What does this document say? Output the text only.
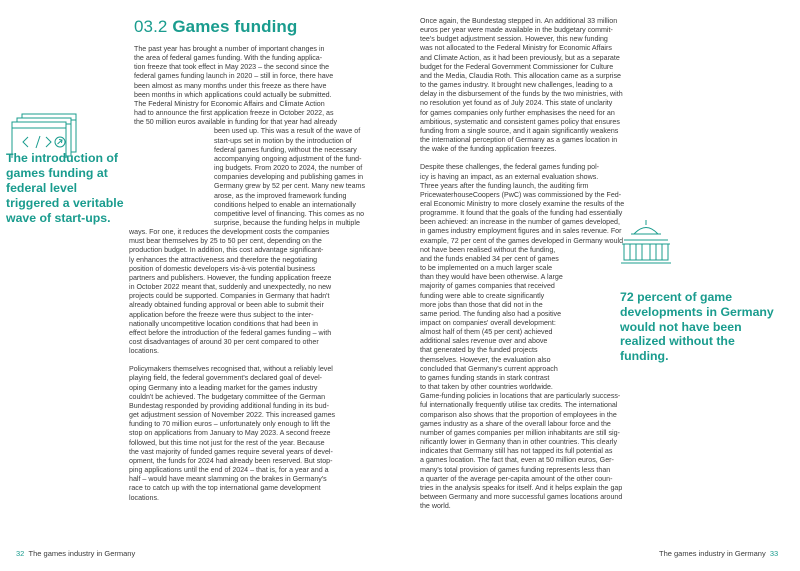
03.2 Games funding

The introduction of games funding at federal level triggered a veritable wave of start-ups.

The past year has brought a number of important changes in
the area of federal games funding. With the funding applica-
tion freeze that took effect in May 2023 – the second since the
federal games funding launch in 2020 – still in force, there have
been almost as many months under this freeze as there have
been months in which applications could actually be submitted.
The Federal Ministry for Economic Affairs and Climate Action
had to announce the first application freeze in October 2022, as
the 50 million euros available in funding for that year had already
been used up. This was a result of the wave of
start-ups set in motion by the introduction of
federal games funding, without the necessary
accompanying ongoing adjustment of the fund-
ing budgets. From 2020 to 2024, the number of
companies developing and publishing games in
Germany grew by 52 per cent. Many new teams
arose, as the improved framework funding
conditions helped to enable an internationally
competitive level of financing. This comes as no
surprise, because the funding helps in multiple
ways. For one, it reduces the development costs the companies
must bear themselves by 25 to 50 per cent, depending on the
production budget. In addition, this cost advantage significant-
ly enhances the attractiveness and therefore the negotiating
position of domestic developers vis-à-vis potential business
partners and publishers. However, the funding application freeze
in October 2022 meant that, suddenly and unexpectedly, no new
projects could be supported. Companies in Germany that hadn't
already obtained funding approval or been able to submit their
application before the freeze were thus subject to the inter-
nationally uncompetitive location conditions that had been in
effect before the introduction of the federal games funding – with
cost disadvantages of around 30 per cent compared to other
locations.
Policymakers themselves recognised that, without a reliably level
playing field, the federal government's declared goal of devel-
oping Germany into a leading market for the games industry
couldn't be achieved. The budgetary committee of the German
Bundestag responded by providing additional funding in its bud-
get adjustment session of November 2022. This increased games
funding to 70 million euros – unfortunately only enough to lift the
stop on applications from January to May 2023. A second freeze
followed, but this time not just for the rest of the year. Because
the vast majority of funded games require several years of devel-
opment, the funds for 2024 had already been reserved. But stop-
ping applications until the end of 2024 – that is, for a year and a
half – would have meant slamming on the brakes in Germany's
race to catch up with the top international game development
locations.
32 The games industry in Germany
Once again, the Bundestag stepped in. An additional 33 million
euros per year were made available in the budgetary commit-
tee's budget adjustment session. However, this new funding
was not allocated to the Federal Ministry for Economic Affairs
and Climate Action, as it had been previously, but as a separate
budget for the Federal Government Commissioner for Culture
and the Media, Claudia Roth. This allocation came as a surprise
to the games industry. It brought new challenges, leading to a
delay in the disbursement of the funds by the two ministries, with
no resolution yet found as of July 2024. This state of unclarity
for games companies only further emphasises the need for an
ambitious, systematic and consistent games policy that ensures
funding from a single source, and it again significantly weakens
the international perception of Germany as a games location in
the wake of the funding application freezes.
Despite these challenges, the federal games funding pol-
icy is having an impact, as an external evaluation shows.
Three years after the funding launch, the auditing firm
PricewaterhouseCoopers (PwC) was commissioned by the Fed-
eral Economic Ministry to more closely examine the results of the
programme. It found that the goals of the funding had essentially
been achieved: an increase in the number of games developed,
in games industry employment figures and in sales revenue. For
example, 72 per cent of the games developed in Germany would
not have been realised without the funding,
and the funds enabled 34 per cent of games
to be implemented on a much larger scale
than they would have been otherwise. A large
majority of games companies that received
funding were able to create significantly
more jobs than those that did not in the
same period. The funding also had a positive
impact on companies' overall development:
almost half of them (45 per cent) achieved
additional sales revenue over and above
that generated by the funded projects
themselves. However, the evaluation also
concluded that Germany's current approach
to games funding stands in stark contrast
to that taken by other countries worldwide.
Game-funding policies in locations that are particularly success-
ful internationally frequently utilise tax credits. The international
comparison also shows that the proportion of employees in the
games industry as a share of the overall labour force and the
number of games companies per million inhabitants are still sig-
nificantly lower in Germany than in other countries. This clearly
indicates that Germany still has not tapped its full potential as
a games location. The fact that, even at 50 million euros, Ger-
many's total provision of games funding represents less than
a quarter of the average per-capita amount of the other coun-
tries in the analysis speaks for itself. And it helps explain the gap
between Germany and more successful games locations around
the world.

72 percent of game developments in Germany would not have been realized without the funding.

The games industry in Germany 33
